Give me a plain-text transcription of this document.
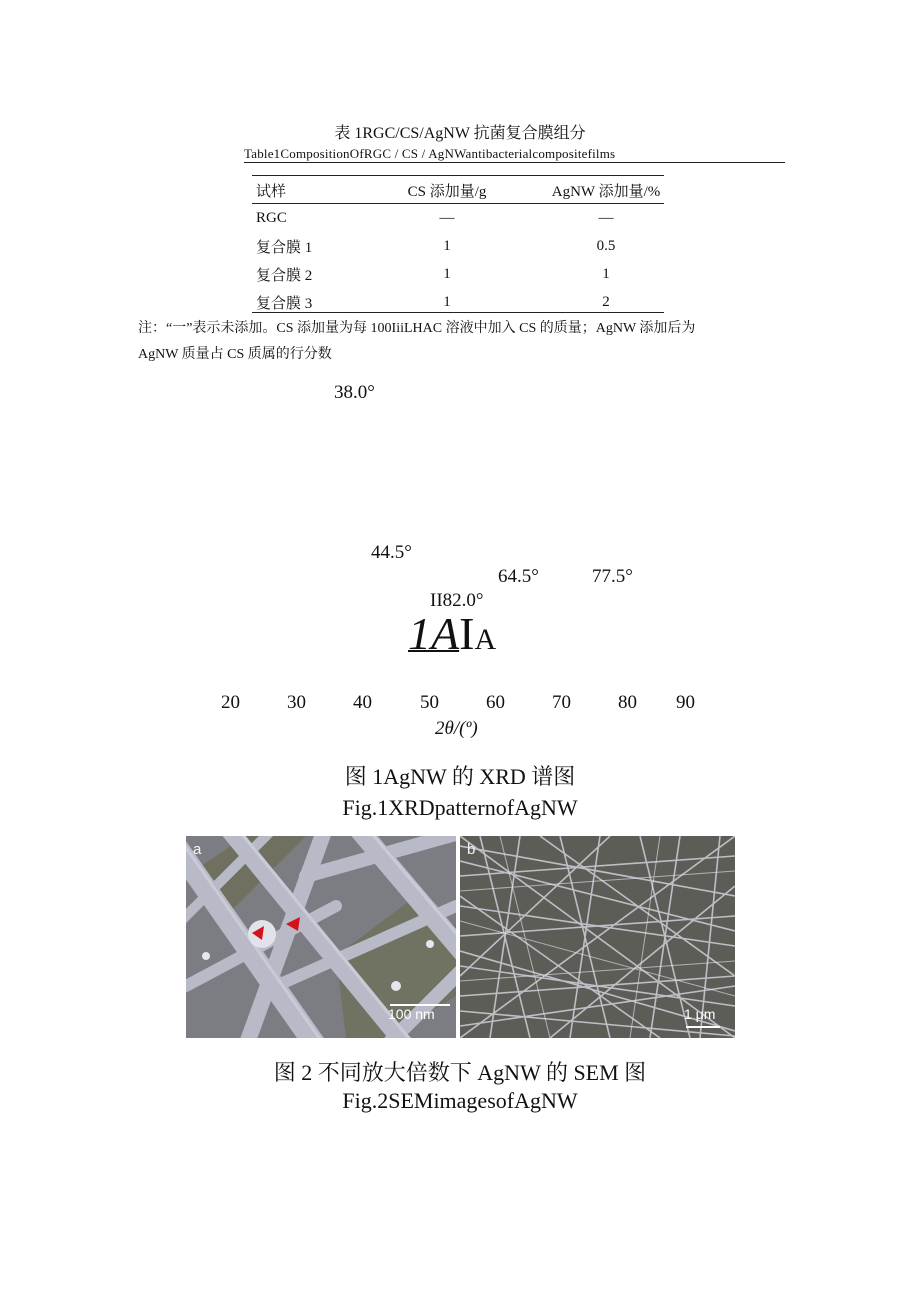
表 1RGC/CS/AgNW 抗菌复合膜组分
Table1CompositionOfRGC / CS / AgNWantibacterialcompositefilms
试样	CS 添加量/g	AgNW 添加量/%
RGC	—	—
复合膜 1	1	0.5
复合膜 2	1	1
复合膜 3	1	2
注：“一”表示未添加。CS 添加量为每 100IiiLHAC 溶液中加入 CS 的质量；AgNW 添加后为
AgNW 质量占 CS 质属的行分数
38.0°
44.5°
64.5°	77.5°
II82.0°
1AIA
20 30 40	50 60 70 80 90
2θ/(º)
图 1AgNW 的 XRD 谱图
Fig.1XRDpatternofAgNW
a
100 nm
b
1 μm
图 2 不同放大倍数下 AgNW 的 SEM 图
Fig.2SEMimagesofAgNW
